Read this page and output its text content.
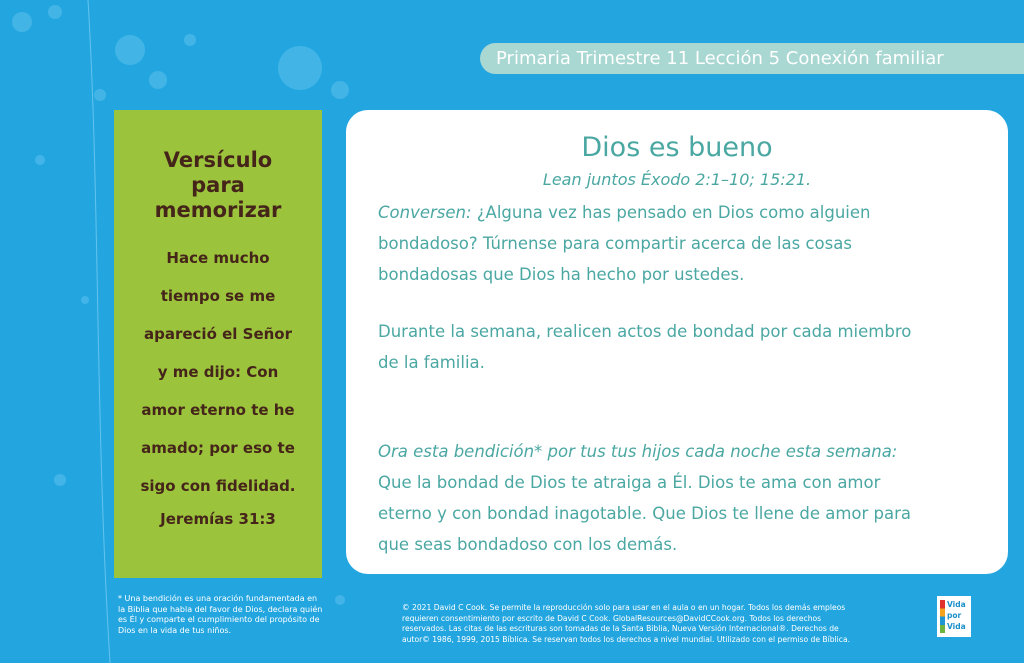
Primaria Trimestre 11 Lección 5 Conexión familiar
Versículo
para
memorizar
Hace mucho
tiempo se me
apareció el Señor
y me dijo: Con
amor eterno te he
amado; por eso te
sigo con fidelidad.
Jeremías 31:3
Dios es bueno
Lean juntos Éxodo 2:1–10; 15:21.
Conversen: ¿Alguna vez has pensado en Dios como alguien
bondadoso? Túrnense para compartir acerca de las cosas
bondadosas que Dios ha hecho por ustedes.
Durante la semana, realicen actos de bondad por cada miembro
de la familia.
Ora esta bendición* por tus tus hijos cada noche esta semana:
Que la bondad de Dios te atraiga a Él. Dios te ama con amor
eterno y con bondad inagotable. Que Dios te llene de amor para
que seas bondadoso con los demás.
* Una bendición es una oración fundamentada en
la Biblia que habla del favor de Dios, declara quién
es Él y comparte el cumplimiento del propósito de
Dios en la vida de tus niños.
© 2021 David C Cook. Se permite la reproducción solo para usar en el aula o en un hogar. Todos los demás empleos
requieren consentimiento por escrito de David C Cook. GlobalResources@DavidCCook.org. Todos los derechos
reservados. Las citas de las escrituras son tomadas de la Santa Biblia, Nueva Versión Internacional®. Derechos de
autor© 1986, 1999, 2015 Bíblica. Se reservan todos los derechos a nivel mundial. Utilizado con el permiso de Bíblica.
Vida
por
Vida
